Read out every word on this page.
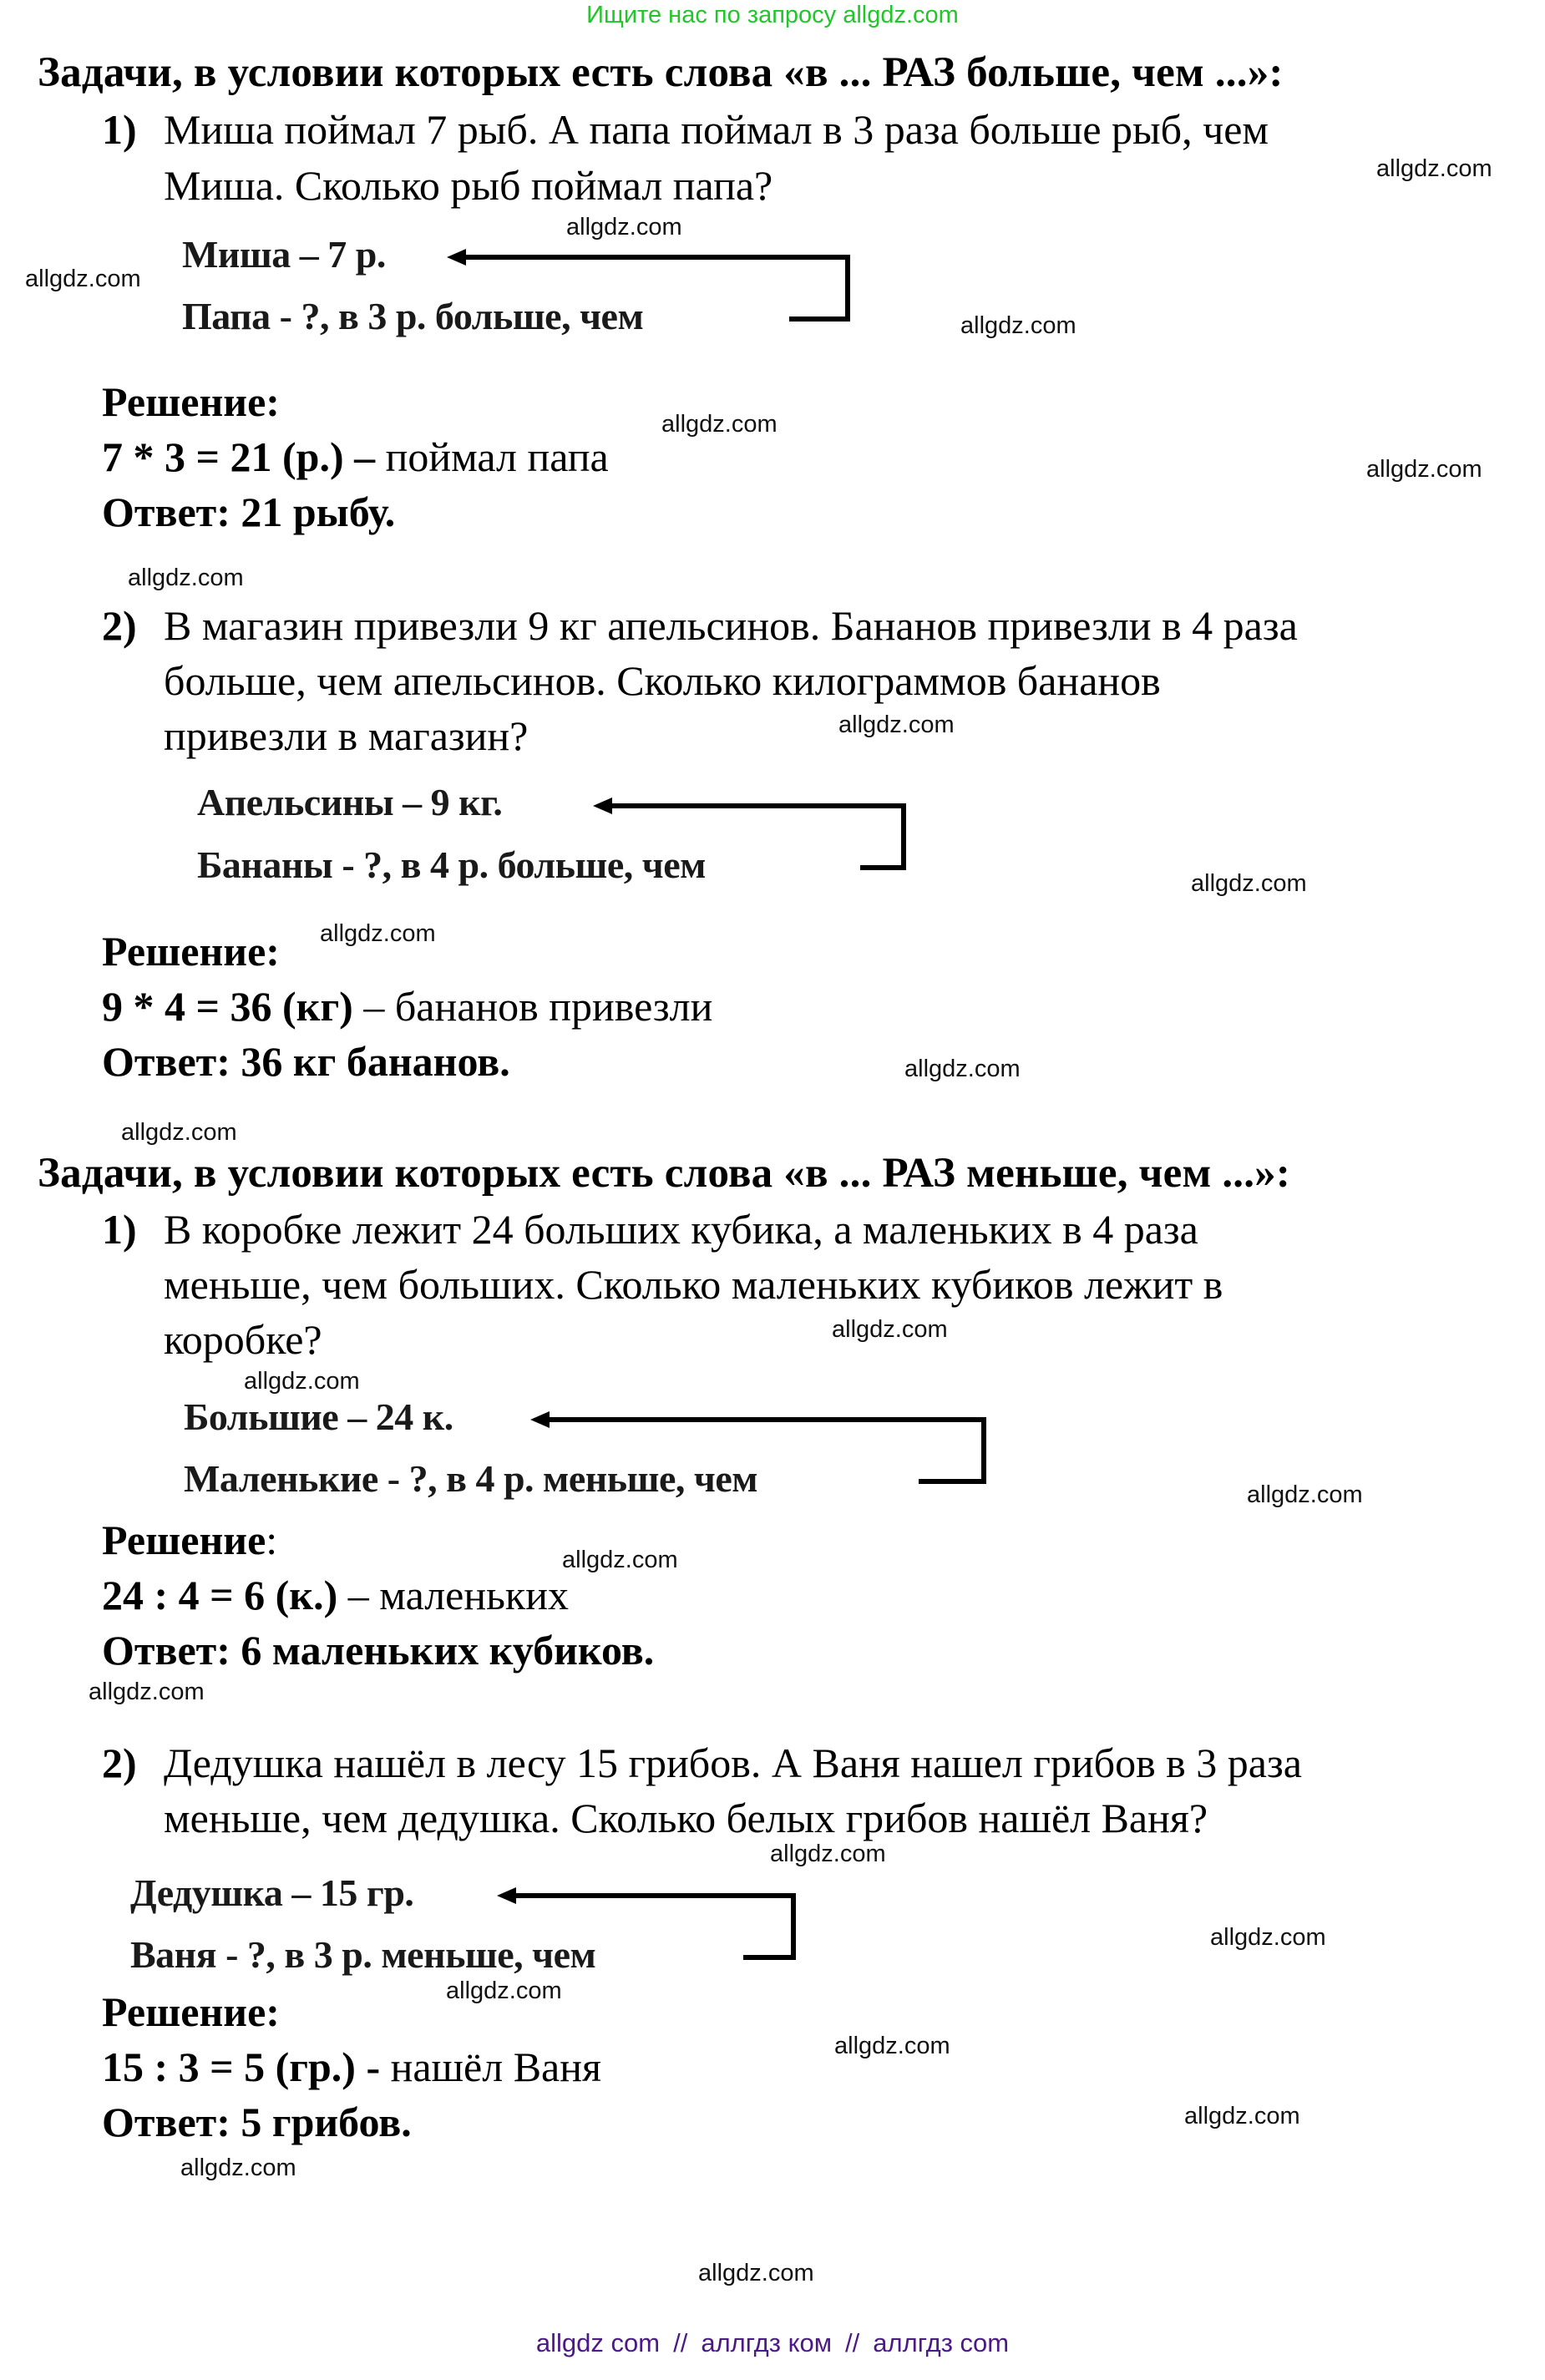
Ищите нас по запросу allgdz.com
Задачи, в условии которых есть слова «в ... РАЗ больше, чем ...»:
1) Миша поймал 7 рыб. А папа поймал в 3 раза больше рыб, чем
Миша. Сколько рыб поймал папа?
Миша – 7 р.
Папа - ?, в 3 р. больше, чем
Решение:
7 * 3 = 21 (р.) – поймал папа
Ответ: 21 рыбу.
2) В магазин привезли 9 кг апельсинов. Бананов привезли в 4 раза
больше, чем апельсинов. Сколько килограммов бананов
привезли в магазин?
Апельсины – 9 кг.
Бананы - ?, в 4 р. больше, чем
Решение:
9 * 4 = 36 (кг) – бананов привезли
Ответ: 36 кг бананов.
Задачи, в условии которых есть слова «в ... РАЗ меньше, чем ...»:
1) В коробке лежит 24 больших кубика, а маленьких в 4 раза
меньше, чем больших. Сколько маленьких кубиков лежит в
коробке?
Большие – 24 к.
Маленькие - ?, в 4 р. меньше, чем
Решение:
24 : 4 = 6 (к.) – маленьких
Ответ: 6 маленьких кубиков.
2) Дедушка нашёл в лесу 15 грибов. А Ваня нашел грибов в 3 раза
меньше, чем дедушка. Сколько белых грибов нашёл Ваня?
Дедушка – 15 гр.
Ваня - ?, в 3 р. меньше, чем
Решение:
15 : 3 = 5 (гр.) - нашёл Ваня
Ответ: 5 грибов.
allgdz.com
allgdz.com
allgdz.com
allgdz.com
allgdz.com
allgdz.com
allgdz.com
allgdz.com
allgdz.com
allgdz.com
allgdz.com
allgdz.com
allgdz.com
allgdz.com
allgdz.com
allgdz.com
allgdz.com
allgdz.com
allgdz.com
allgdz.com
allgdz.com
allgdz.com
allgdz.com
allgdz.com
allgdz com // аллгдз ком // аллгдз com
